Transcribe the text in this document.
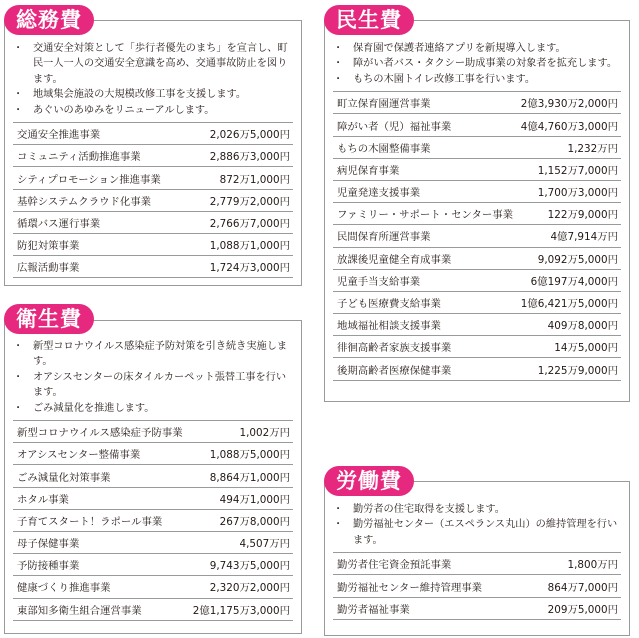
・ 交通安全対策として「歩行者優先のまち」を宣言し、町民一人一人の交通安全意識を高め、交通事故防止を図ります。
・ 地域集会施設の大規模改修工事を支援します。
・ あぐいのあゆみをリニューアルします。
交通安全推進事業	2,026万5,000円
コミュニティ活動推進事業	2,886万3,000円
シティプロモーション推進事業	872万1,000円
基幹システムクラウド化事業	2,779万2,000円
循環バス運行事業	2,766万7,000円
防犯対策事業	1,088万1,000円
広報活動事業	1,724万3,000円
総務費
・ 新型コロナウイルス感染症予防対策を引き続き実施します。
・ オアシスセンターの床タイルカーペット張替工事を行います。
・ ごみ減量化を推進します。
新型コロナウイルス感染症予防事業	1,002万円
オアシスセンター整備事業	1,088万5,000円
ごみ減量化対策事業	8,864万1,000円
ホタル事業	494万1,000円
子育てスタート！ラポール事業	267万8,000円
母子保健事業	4,507万円
予防接種事業	9,743万5,000円
健康づくり推進事業	2,320万2,000円
東部知多衛生組合運営事業	2億1,175万3,000円
衛生費
・ 保育園で保護者連絡アプリを新規導入します。
・ 障がい者バス・タクシー助成事業の対象者を拡充します。
・ もちの木園トイレ改修工事を行います。
町立保育園運営事業	2億3,930万2,000円
障がい者（児）福祉事業	4億4,760万3,000円
もちの木園整備事業	1,232万円
病児保育事業	1,152万7,000円
児童発達支援事業	1,700万3,000円
ファミリー・サポート・センター事業	122万9,000円
民間保育所運営事業	4億7,914万円
放課後児童健全育成事業	9,092万5,000円
児童手当支給事業	6億197万4,000円
子ども医療費支給事業	1億6,421万5,000円
地域福祉相談支援事業	409万8,000円
徘徊高齢者家族支援事業	14万5,000円
後期高齢者医療保健事業	1,225万9,000円
民生費
・ 勤労者の住宅取得を支援します。
・ 勤労福祉センター（エスペランス丸山）の維持管理を行います。
勤労者住宅資金預託事業	1,800万円
勤労福祉センター維持管理事業	864万7,000円
勤労者福祉事業	209万5,000円
労働費
